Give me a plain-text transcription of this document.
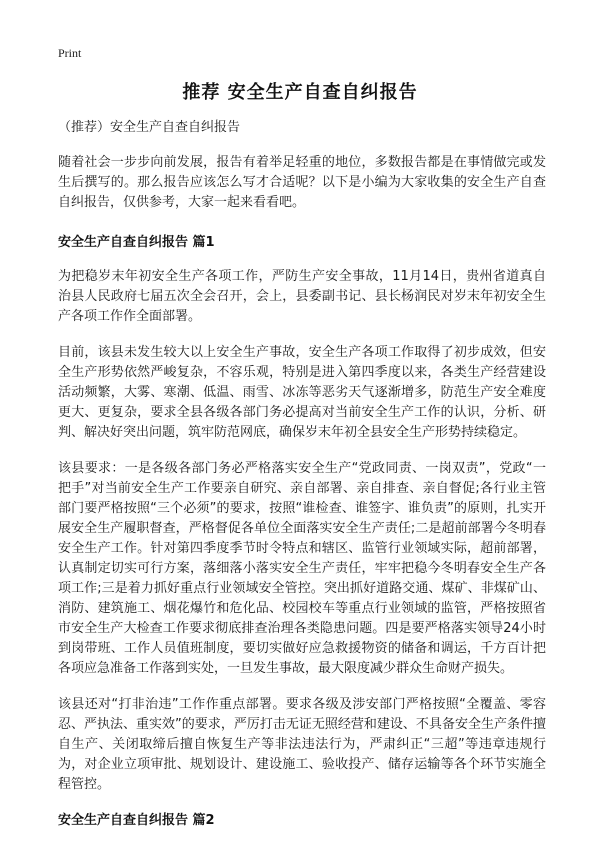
Print
推荐 安全生产自查自纠报告

（推荐）安全生产自查自纠报告

随着社会一步步向前发展，报告有着举足轻重的地位，多数报告都是在事情做完或发生后撰写的。那么报告应该怎么写才合适呢？以下是小编为大家收集的安全生产自查自纠报告，仅供参考，大家一起来看看吧。

安全生产自查自纠报告 篇1

为把稳岁末年初安全生产各项工作，严防生产安全事故，11月14日，贵州省道真自治县人民政府七届五次全会召开，会上，县委副书记、县长杨润民对岁末年初安全生产各项工作作全面部署。

目前，该县未发生较大以上安全生产事故，安全生产各项工作取得了初步成效，但安全生产形势依然严峻复杂，不容乐观，特别是进入第四季度以来，各类生产经营建设活动频繁，大雾、寒潮、低温、雨雪、冰冻等恶劣天气逐渐增多，防范生产安全难度更大、更复杂，要求全县各级各部门务必提高对当前安全生产工作的认识，分析、研判、解决好突出问题，筑牢防范网底，确保岁末年初全县安全生产形势持续稳定。

该县要求：一是各级各部门务必严格落实安全生产“党政同责、一岗双责”，党政“一把手”对当前安全生产工作要亲自研究、亲自部署、亲自排查、亲自督促;各行业主管部门要严格按照“三个必须”的要求，按照“谁检查、谁签字、谁负责”的原则，扎实开展安全生产履职督查，严格督促各单位全面落实安全生产责任;二是超前部署今冬明春安全生产工作。针对第四季度季节时令特点和辖区、监管行业领域实际，超前部署，认真制定切实可行方案，落细落小落实安全生产责任，牢牢把稳今冬明春安全生产各项工作;三是着力抓好重点行业领域安全管控。突出抓好道路交通、煤矿、非煤矿山、消防、建筑施工、烟花爆竹和危化品、校园校车等重点行业领域的监管，严格按照省市安全生产大检查工作要求彻底排查治理各类隐患问题。四是要严格落实领导24小时到岗带班、工作人员值班制度，要切实做好应急救援物资的储备和调运，千方百计把各项应急准备工作落到实处，一旦发生事故，最大限度减少群众生命财产损失。

该县还对“打非治违”工作作重点部署。要求各级及涉安部门严格按照“全覆盖、零容忍、严执法、重实效”的要求，严厉打击无证无照经营和建设、不具备安全生产条件擅自生产、关闭取缔后擅自恢复生产等非法违法行为，严肃纠正“三超”等违章违规行为，对企业立项审批、规划设计、建设施工、验收投产、储存运输等各个环节实施全程管控。

安全生产自查自纠报告 篇2
